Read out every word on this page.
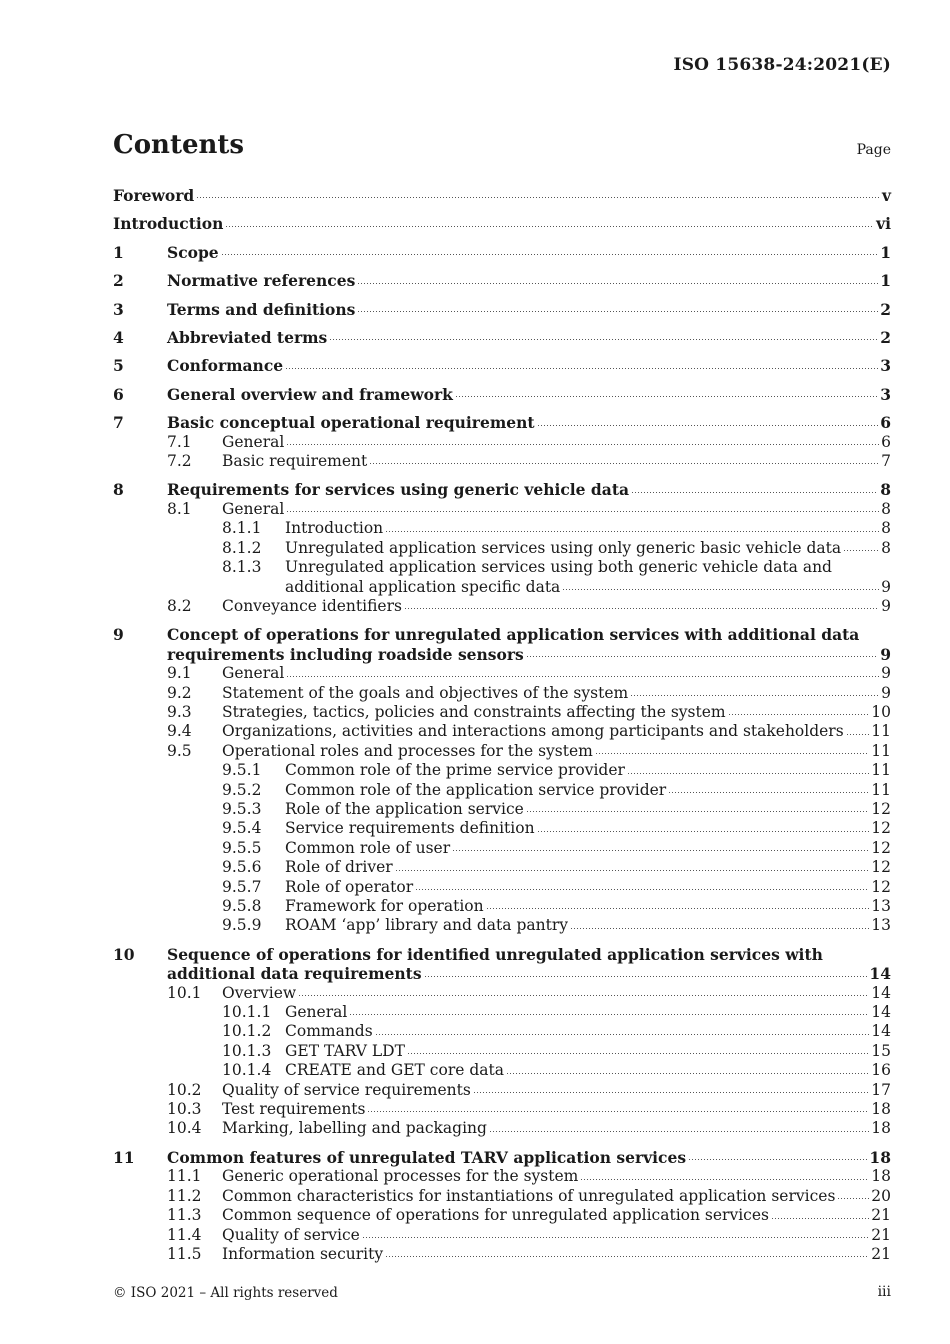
ISO 15638-24:2021(E)
Contents	Page
Foreword	v
Introduction	vi
1	Scope	1
2	Normative references	1
3	Terms and definitions	2
4	Abbreviated terms	2
5	Conformance	3
6	General overview and framework	3
7	Basic conceptual operational requirement	6
7.1 General	6
7.2 Basic requirement	7
8	Requirements for services using generic vehicle data	8
8.1 General	8
8.1.1 Introduction	8
8.1.2 Unregulated application services using only generic basic vehicle data	8
8.1.3 Unregulated application services using both generic vehicle data and
additional application specific data	9
8.2 Conveyance identifiers	9
9	Concept of operations for unregulated application services with additional data
requirements including roadside sensors	9
9.1 General	9
9.2 Statement of the goals and objectives of the system	9
9.3 Strategies, tactics, policies and constraints affecting the system	10
9.4 Organizations, activities and interactions among participants and stakeholders 11
9.5 Operational roles and processes for the system	11
9.5.1 Common role of the prime service provider	11
9.5.2 Common role of the application service provider	11
9.5.3 Role of the application service	12
9.5.4 Service requirements definition	12
9.5.5 Common role of user	12
9.5.6 Role of driver	12
9.5.7 Role of operator	12
9.5.8 Framework for operation	13
9.5.9 ROAM ‘app’ library and data pantry	13
10 Sequence of operations for identified unregulated application services with
additional data requirements	14
10.1 Overview	14
10.1.1 General	14
10.1.2 Commands	14
10.1.3 GET TARV LDT	15
10.1.4 CREATE and GET core data	16
10.2 Quality of service requirements	17
10.3 Test requirements	18
10.4 Marking, labelling and packaging	18
11 Common features of unregulated TARV application services	18
11.1 Generic operational processes for the system	18
11.2 Common characteristics for instantiations of unregulated application services 20
11.3 Common sequence of operations for unregulated application services	21
11.4 Quality of service	21
11.5 Information security	21
© ISO 2021 – All rights reserved	iii
